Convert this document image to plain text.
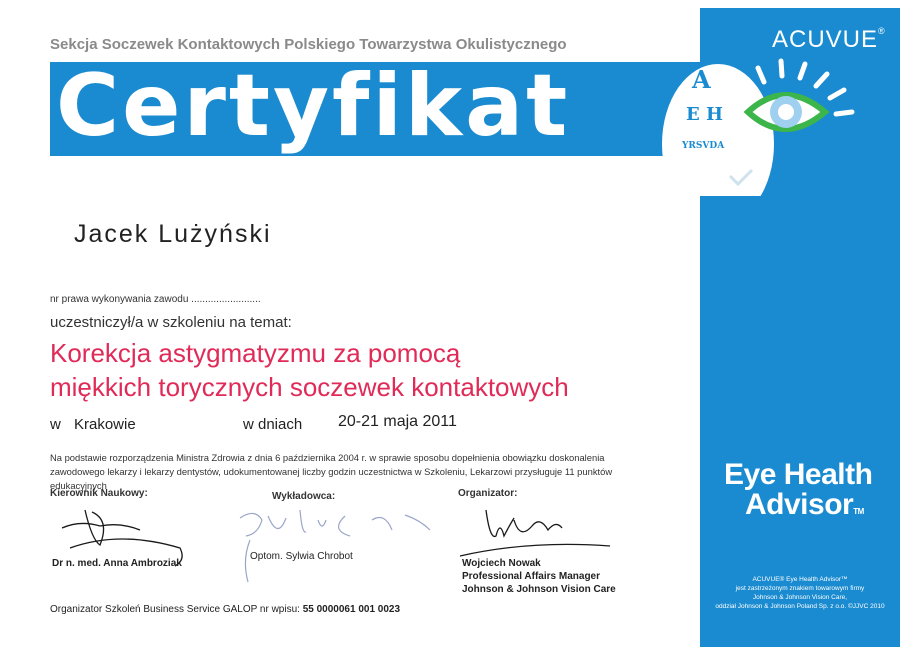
Sekcja Soczewek Kontaktowych Polskiego Towarzystwa Okulistycznego
Certyfikat
ACUVUE®
A
E H
YRSVDA
Jacek Lużyński
nr prawa wykonywania zawodu .........................
uczestniczył/a w szkoleniu na temat:
Korekcja astygmatyzmu za pomocą
miękkich torycznych soczewek kontaktowych
w Krakowie	w dniach 20-21 maja 2011
Na podstawie rozporządzenia Ministra Zdrowia z dnia 6 października 2004 r. w sprawie sposobu dopełnienia obowiązku doskonalenia zawodowego lekarzy i lekarzy dentystów, udokumentowanej liczby godzin uczestnictwa w Szkoleniu, Lekarzowi przysługuje 11 punktów edukacyjnych
Kierownik Naukowy:	Wykładowca:	Organizator:
Dr n. med. Anna Ambroziak
Optom. Sylwia Chrobot
Wojciech Nowak
Professional Affairs Manager
Johnson & Johnson Vision Care
Organizator Szkoleń Business Service GALOP nr wpisu: 55 0000061 001 0023
Eye Health
AdvisorTM
ACUVUE® Eye Health Advisor™
jest zastrzeżonym znakiem towarowym firmy
Johnson & Johnson Vision Care,
oddział Johnson & Johnson Poland Sp. z o.o. ©JJVC 2010
